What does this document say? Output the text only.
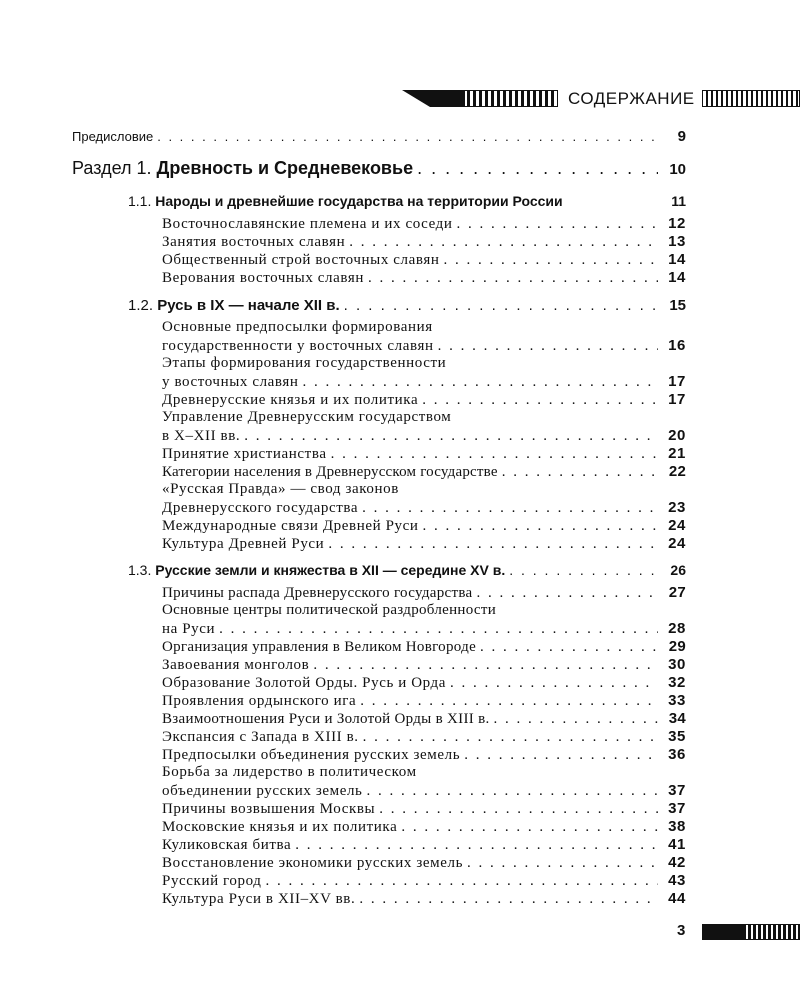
СОДЕРЖАНИЕ
Предисловие . . .	9
Раздел 1. Древность и Средневековье . . .	10
1.1. Народы и древнейшие государства на территории России	11
Восточнославянские племена и их соседи . . .	12
Занятия восточных славян . . .	13
Общественный строй восточных славян . . .	14
Верования восточных славян . . .	14
1.2. Русь в IX — начале XII в. . . .	15
Основные предпосылки формирования
государственности у восточных славян . . .	16
Этапы формирования государственности
у восточных славян . . .	17
Древнерусские князья и их политика . . .	17
Управление Древнерусским государством
в X–XII вв. . . .	20
Принятие христианства . . .	21
Категории населения в Древнерусском государстве . . .	22
«Русская Правда» — свод законов
Древнерусского государства . . .	23
Международные связи Древней Руси . . .	24
Культура Древней Руси . . .	24
1.3. Русские земли и княжества в XII — середине XV в. . . .	26
Причины распада Древнерусского государства . . .	27
Основные центры политической раздробленности
на Руси . . .	28
Организация управления в Великом Новгороде . . .	29
Завоевания монголов . . .	30
Образование Золотой Орды. Русь и Орда . . .	32
Проявления ордынского ига . . .	33
Взаимоотношения Руси и Золотой Орды в XIII в. . . .	34
Экспансия с Запада в XIII в. . . .	35
Предпосылки объединения русских земель . . .	36
Борьба за лидерство в политическом
объединении русских земель . . .	37
Причины возвышения Москвы . . .	37
Московские князья и их политика . . .	38
Куликовская битва . . .	41
Восстановление экономики русских земель . . .	42
Русский город . . .	43
Культура Руси в XII–XV вв. . . .	44
3
